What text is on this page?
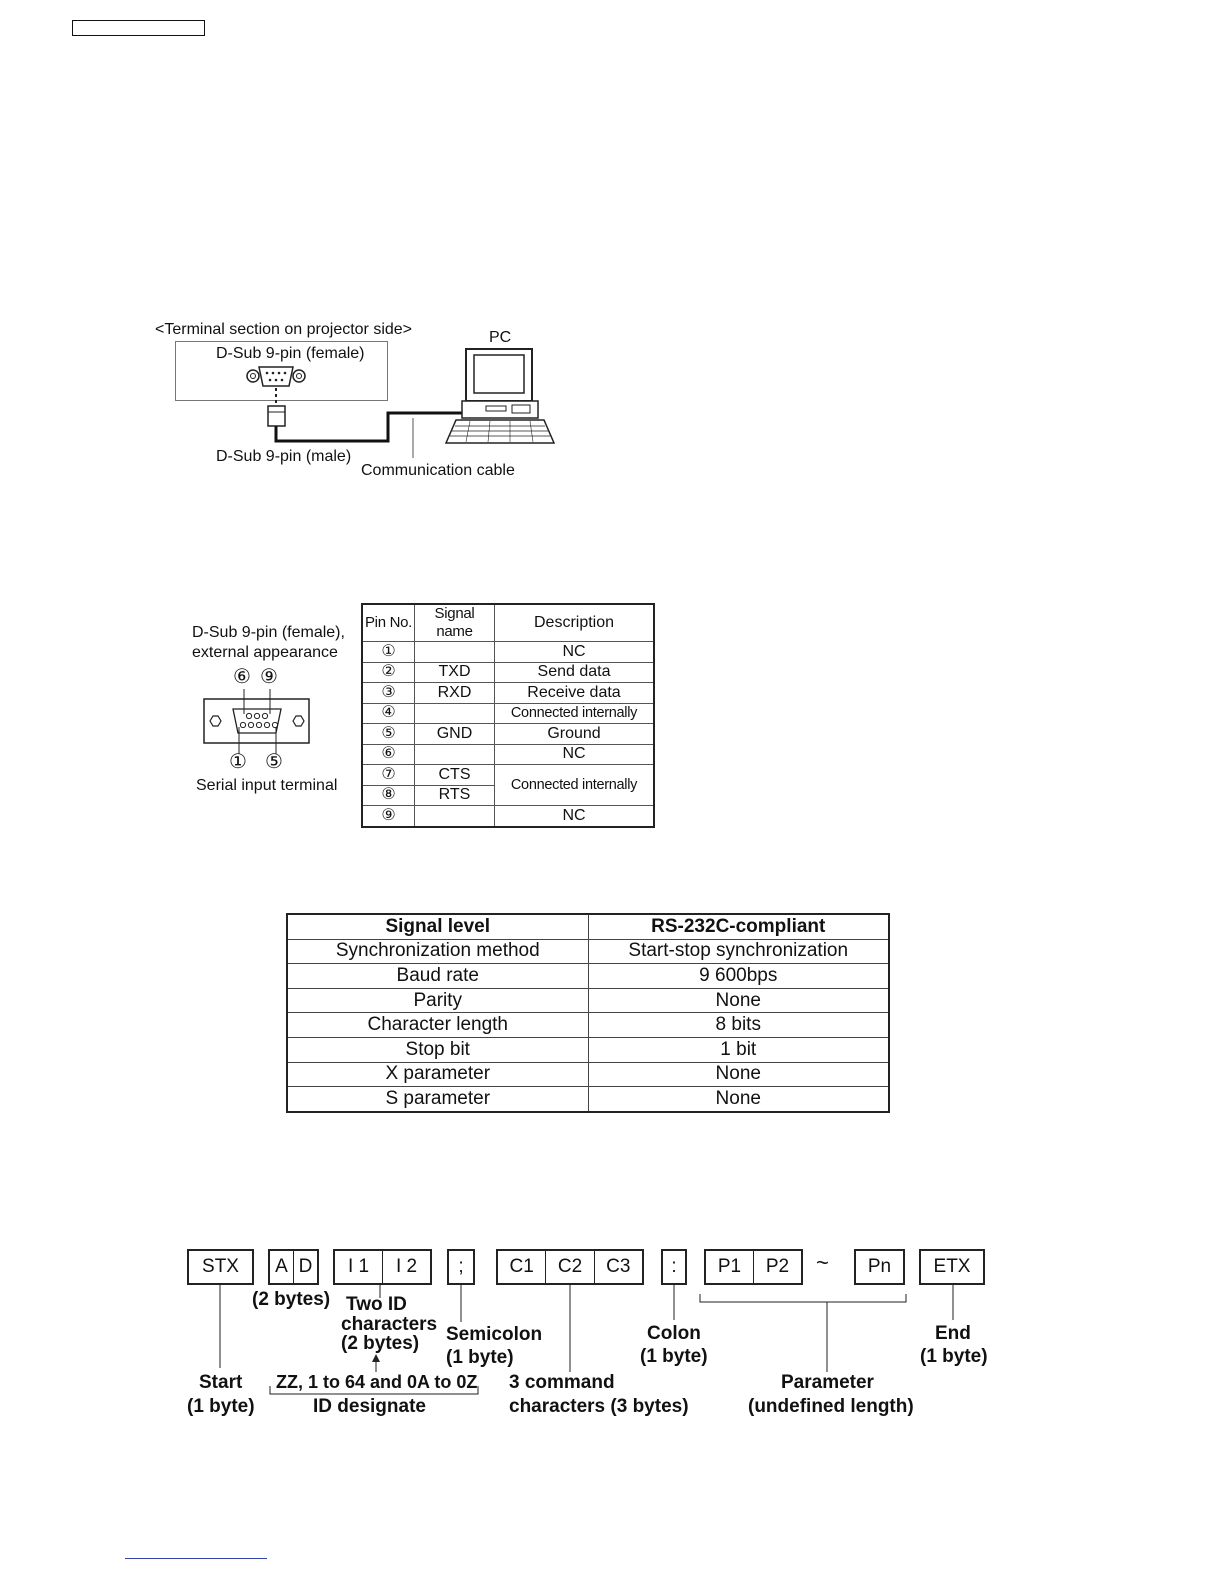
<Terminal section on projector side>
D-Sub 9-pin (female)
PC
D-Sub 9-pin (male)
Communication cable
D-Sub 9-pin (female),
external appearance
⑥ ⑨
① ⑤
Serial input terminal
Pin No.	Signal name	Description
①		NC
②	TXD	Send data
③	RXD	Receive data
④		Connected internally
⑤	GND	Ground
⑥		NC
⑦	CTS	Connected internally
⑧	RTS	
⑨		NC
Signal level	RS-232C-compliant
Synchronization method	Start-stop synchronization
Baud rate	9 600bps
Parity	None
Character length	8 bits
Stop bit	1 bit
X parameter	None
S parameter	None
STX	A D	I 1	I 2	;	C1	C2	C3	:	P1	P2	~	Pn	ETX
(2 bytes) Two ID
characters
(2 bytes) Semicolon
(1 byte)
Colon
(1 byte)
End
(1 byte)
Start
(1 byte)
ZZ, 1 to 64 and 0A to 0Z
ID designate
3 command
characters (3 bytes)
Parameter
(undefined length)
